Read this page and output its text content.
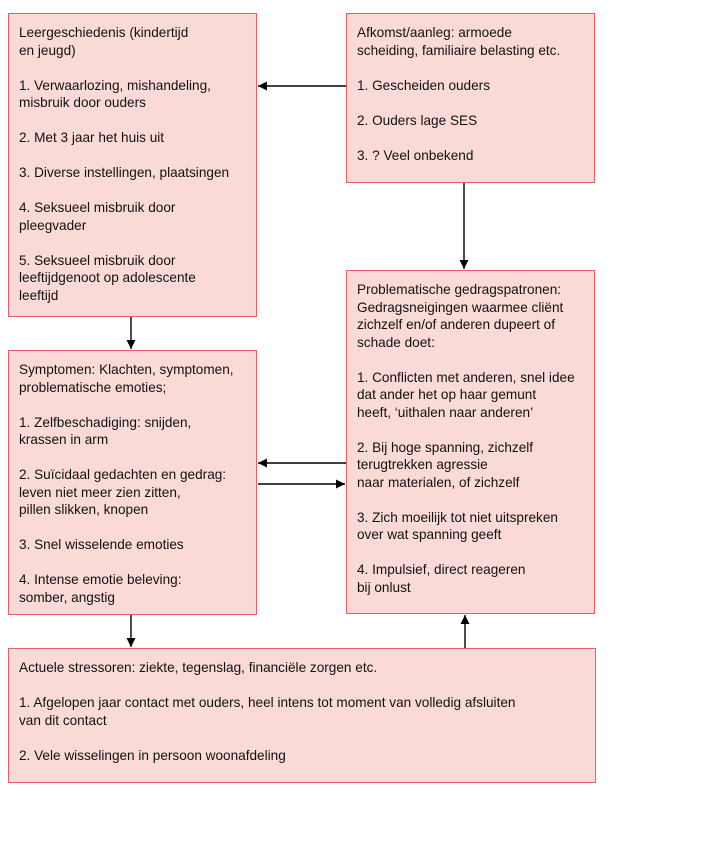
Leergeschiedenis (kindertijd
en jeugd)
1. Verwaarlozing, mishandeling,
misbruik door ouders
2. Met 3 jaar het huis uit
3. Diverse instellingen, plaatsingen
4. Seksueel misbruik door
pleegvader
5. Seksueel misbruik door
leeftijdgenoot op adolescente
leeftijd
Afkomst/aanleg: armoede
scheiding, familiaire belasting etc.
1. Gescheiden ouders
2. Ouders lage SES
3. ? Veel onbekend
Symptomen: Klachten, symptomen,
problematische emoties;
1. Zelfbeschadiging: snijden,
krassen in arm
2. Suïcidaal gedachten en gedrag:
leven niet meer zien zitten,
pillen slikken, knopen
3. Snel wisselende emoties
4. Intense emotie beleving:
somber, angstig
Problematische gedragspatronen:
Gedragsneigingen waarmee cliënt
zichzelf en/of anderen dupeert of
schade doet:
1. Conflicten met anderen, snel idee
dat ander het op haar gemunt
heeft, ‘uithalen naar anderen’
2. Bij hoge spanning, zichzelf
terugtrekken agressie
naar materialen, of zichzelf
3. Zich moeilijk tot niet uitspreken
over wat spanning geeft
4. Impulsief, direct reageren
bij onlust
Actuele stressoren: ziekte, tegenslag, financiële zorgen etc.
1. Afgelopen jaar contact met ouders, heel intens tot moment van volledig afsluiten
van dit contact
2. Vele wisselingen in persoon woonafdeling
